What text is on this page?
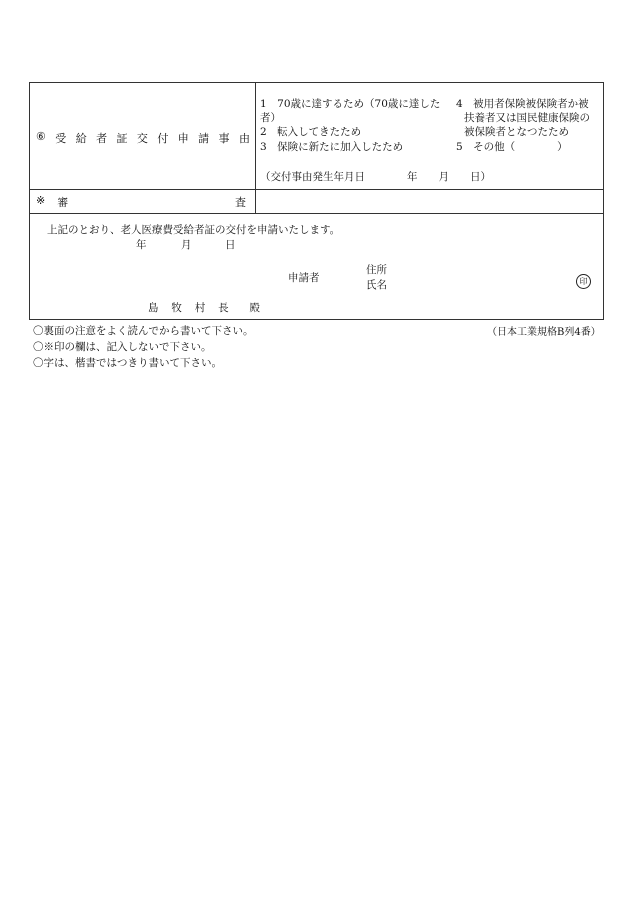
⑥ 受 給 者 証 交 付 申 請 事 由
1　70歳に達するため（70歳に達した
者）
2　転入してきたため
3　保険に新たに加入したため
4　被用者保険被保険者か被
扶養者又は国民健康保険の
被保険者となつたため
5　その他（　　　　）
（交付事由発生年月日　　　　年　　月　　日）
※ 審	査
上記のとおり、老人医療費受給者証の交付を申請いたします。
年	月	日
申請者
住所
氏名	印
島 牧 村 長 殿
〇裏面の注意をよく読んでから書いて下さい。
〇※印の欄は、記入しないで下さい。
〇字は、楷書ではつきり書いて下さい。
（日本工業規格B列4番）
